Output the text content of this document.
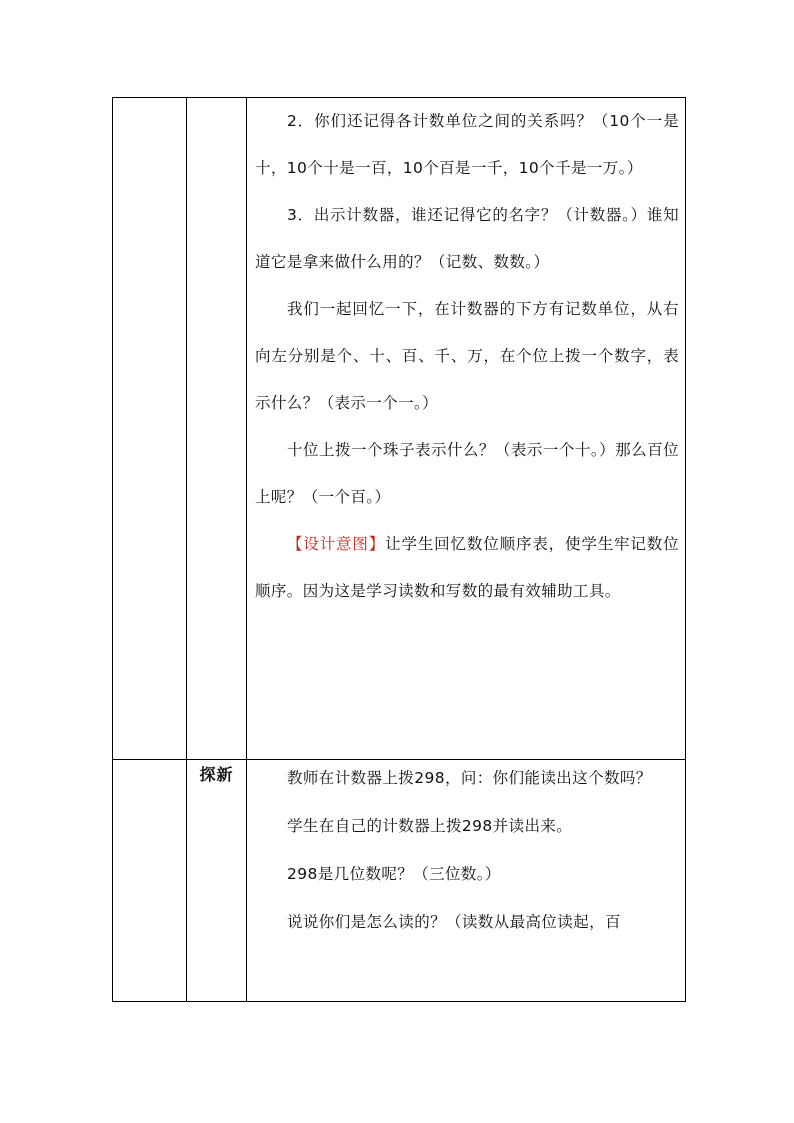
		2．你们还记得各计数单位之间的关系吗？（10个一是十，10个十是一百，10个百是一千，10个千是一万。）

3．出示计数器，谁还记得它的名字？（计数器。）谁知道它是拿来做什么用的？（记数、数数。）

我们一起回忆一下，在计数器的下方有记数单位，从右向左分别是个、十、百、千、万，在个位上拨一个数字，表示什么？（表示一个一。）

十位上拨一个珠子表示什么？（表示一个十。）那么百位上呢？（一个百。）

【设计意图】让学生回忆数位顺序表，使学生牢记数位顺序。因为这是学习读数和写数的最有效辅助工具。

	探新	教师在计数器上拨298，问：你们能读出这个数吗？

学生在自己的计数器上拨298并读出来。

298是几位数呢？（三位数。）

说说你们是怎么读的？（读数从最高位读起，百
